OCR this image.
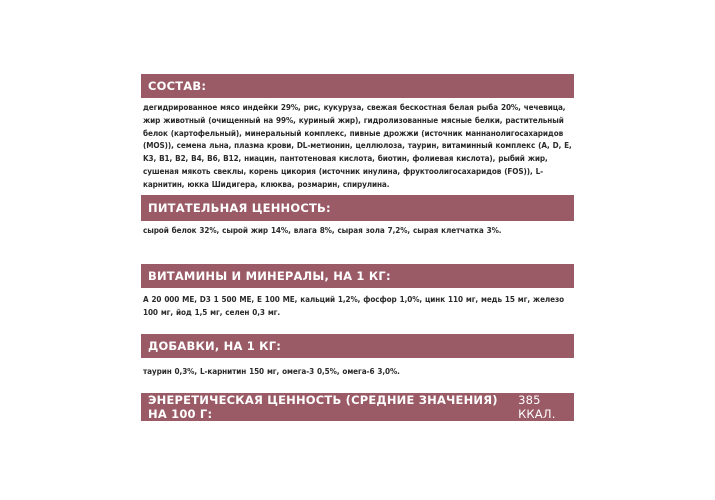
СОСТАВ:
дегидрированное мясо индейки 29%, рис, кукуруза, свежая бескостная белая рыба 20%, чечевица, жир животный (очищенный на 99%, куриный жир), гидролизованные мясные белки, растительный белок (картофельный), минеральный комплекс, пивные дрожжи (источник маннанолигосахаридов (MOS)), семена льна, плазма крови, DL-метионин, целлюлоза, таурин, витаминный комплекс (A, D, E, K3, B1, B2, B4, B6, B12, ниацин, пантотеновая кислота, биотин, фолиевая кислота), рыбий жир, сушеная мякоть свеклы, корень цикория (источник инулина, фруктоолигосахаридов (FOS)), L-карнитин, юкка Шидигера, клюква, розмарин, спирулина.
ПИТАТЕЛЬНАЯ ЦЕННОСТЬ:
сырой белок 32%, сырой жир 14%, влага 8%, сырая зола 7,2%, сырая клетчатка 3%.
ВИТАМИНЫ И МИНЕРАЛЫ, НА 1 КГ:
А 20 000 МЕ, D3 1 500 МЕ, Е 100 МЕ, кальций 1,2%, фосфор 1,0%, цинк 110 мг, медь 15 мг, железо 100 мг, йод 1,5 мг, селен 0,3 мг.
ДОБАВКИ, НА 1 КГ:
таурин 0,3%, L-карнитин 150 мг, омега-3 0,5%, омега-6 3,0%.
ЭНЕРЕТИЧЕСКАЯ ЦЕННОСТЬ (СРЕДНИЕ ЗНАЧЕНИЯ) НА 100 Г:
385 ККАЛ.
